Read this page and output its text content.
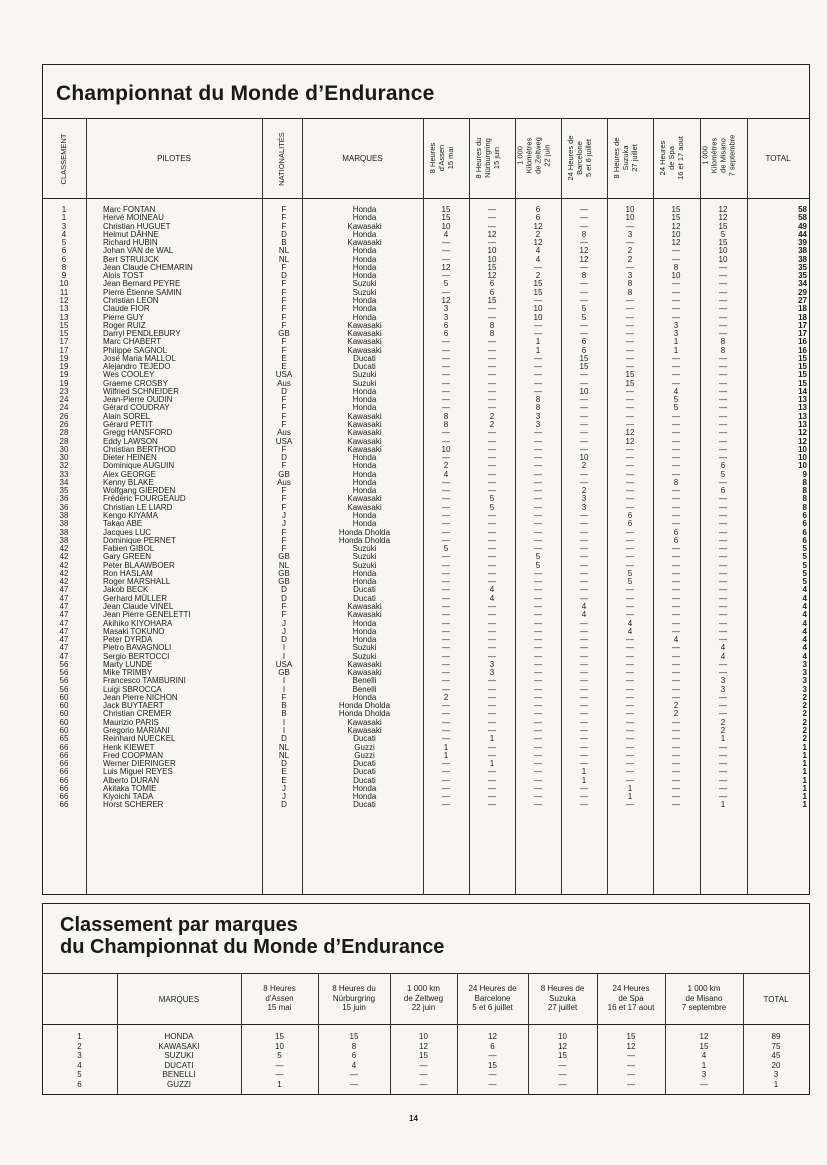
Championnat du Monde d’Endurance
CLASSEMENT	PILOTES	NATIONALITÉS	MARQUES
8 Heures
d'Assen
15 mai
8 Heures du
Nürburgring
15 juin
1 000
Kilomètres
de Zeltweg
22 juin
24 Heures de
Barcelone
5 et 6 juillet
8 Heures de
Suzuka
27 juillet
24 Heures
de Spa
16 et 17 aout
1 000
Kilomètres
de Misano
7 septembre	TOTAL
1	Marc FONTAN	F	Honda	15	—	6	—	10	15	12	58
1	Hervé MOINEAU	F	Honda	15	—	6	—	10	15	12	58
3	Christian HUGUET	F	Kawasaki	10	—	12	—	—	12	15	49
4	Helmut DÄHNE	D	Honda	4	12	2	8	3	10	5	44
5	Richard HUBIN	B	Kawasaki	—	—	12	—	—	12	15	39
6	Johan VAN de WAL	NL	Honda	—	10	4	12	2	—	10	38
6	Bert STRUIJCK	NL	Honda	—	10	4	12	2	—	10	38
8	Jean Claude CHEMARIN	F	Honda	12	15	—	—	—	8	—	35
9	Alois TOST	D	Honda	—	12	2	8	3	10	—	35
10	Jean Bernard PEYRE	F	Suzuki	5	6	15	—	8	—	—	34
11	Pierre Étienne SAMIN	F	Suzuki	—	6	15	—	8	—	—	29
12	Christian LEON	F	Honda	12	15	—	—	—	—	—	27
13	Claude FIOR	F	Honda	3	—	10	5	—	—	—	18
13	Pierre GUY	F	Honda	3	—	10	5	—	—	—	18
15	Roger RUIZ	F	Kawasaki	6	8	—	—	—	3	—	17
15	Darryl PENDLEBURY	GB	Kawasaki	6	8	—	—	—	3	—	17
17	Marc CHABERT	F	Kawasaki	—	—	1	6	—	1	8	16
17	Philippe SAGNOL	F	Kawasaki	—	—	1	6	—	1	8	16
19	José Maria MALLOL	E	Ducati	—	—	—	15	—	—	—	15
19	Alejandro TEJEDO	E	Ducati	—	—	—	15	—	—	—	15
19	Wes COOLEY	USA	Suzuki	—	—	—	—	15	—	—	15
19	Graeme CROSBY	Aus	Suzuki	—	—	—	—	15	—	—	15
23	Wilfried SCHNEIDER	D	Honda	—	—	—	10	—	4	—	14
24	Jean-Pierre OUDIN	F	Honda	—	—	8	—	—	5	—	13
24	Gérard COUDRAY	F	Honda	—	—	8	—	—	5	—	13
26	Alain SOREL	F	Kawasaki	8	2	3	—	—	—	—	13
26	Gérard PETIT	F	Kawasaki	8	2	3	—	—	—	—	13
28	Gregg HANSFORD	Aus	Kawasaki	—	—	—	—	12	—	—	12
28	Eddy LAWSON	USA	Kawasaki	—	—	—	—	12	—	—	12
30	Christian BERTHOD	F	Kawasaki	10	—	—	—	—	—	—	10
30	Dieter HEINEN	D	Honda	—	—	—	10	—	—	—	10
32	Dominique AUGUIN	F	Honda	2	—	—	2	—	—	6	10
33	Alex GEORGE	GB	Honda	4	—	—	—	—	—	5	9
34	Kenny BLAKE	Aus	Honda	—	—	—	—	—	8	—	8
35	Wolfgang GIERDEN	F	Honda	—	—	—	2	—	—	6	8
36	Frédéric FOURGEAUD	F	Kawasaki	—	5	—	3	—	—	—	8
36	Christian LE LIARD	F	Kawasaki	—	5	—	3	—	—	—	8
38	Kengo KIYAMA	J	Honda	—	—	—	—	6	—	—	6
38	Takao ABE	J	Honda	—	—	—	—	6	—	—	6
38	Jacques LUC	F	Honda Dholda	—	—	—	—	—	6	—	6
38	Dominique PERNET	F	Honda Dholda	—	—	—	—	—	6	—	6
42	Fabien GIBOL	F	Suzuki	5	—	—	—	—	—	—	5
42	Gary GREEN	GB	Suzuki	—	—	5	—	—	—	—	5
42	Peter BLAAWBOER	NL	Suzuki	—	—	5	—	—	—	—	5
42	Ron HASLAM	GB	Honda	—	—	—	—	5	—	—	5
42	Roger MARSHALL	GB	Honda	—	—	—	—	5	—	—	5
47	Jakob BECK	D	Ducati	—	4	—	—	—	—	—	4
47	Gerhard MÜLLER	D	Ducati	—	4	—	—	—	—	—	4
47	Jean Claude VINEL	F	Kawasaki	—	—	—	4	—	—	—	4
47	Jean Pierre GENELETTI	F	Kawasaki	—	—	—	4	—	—	—	4
47	Akihiko KIYOHARA	J	Honda	—	—	—	—	4	—	—	4
47	Masaki TOKUNO	J	Honda	—	—	—	—	4	—	—	4
47	Peter DYRDA	D	Honda	—	—	—	—	—	4	—	4
47	Pietro BAVAGNOLI	I	Suzuki	—	—	—	—	—	—	4	4
47	Sergio BERTOCCI	I	Suzuki	—	—	—	—	—	—	4	4
56	Marty LUNDE	USA	Kawasaki	—	3	—	—	—	—	—	3
56	Mike TRIMBY	GB	Kawasaki	—	3	—	—	—	—	—	3
56	Francesco TAMBURINI	I	Benelli	—	—	—	—	—	—	3	3
56	Luigi SBROCCA	I	Benelli	—	—	—	—	—	—	3	3
60	Jean Pierre NICHON	F	Honda	2	—	—	—	—	—	—	2
60	Jack BUYTAERT	B	Honda Dholda	—	—	—	—	—	2	—	2
60	Christian CREMER	B	Honda Dholda	—	—	—	—	—	2	—	2
60	Maurizio PARIS	I	Kawasaki	—	—	—	—	—	—	2	2
60	Gregorio MARIANI	I	Kawasaki	—	—	—	—	—	—	2	2
65	Reinhard NUECKEL	D	Ducati	—	1	—	—	—	—	1	2
66	Henk KIEWET	NL	Guzzi	1	—	—	—	—	—	—	1
66	Fred COOPMAN	NL	Guzzi	1	—	—	—	—	—	—	1
66	Werner DIERINGER	D	Ducati	—	1	—	—	—	—	—	1
66	Luis Miguel REYES	E	Ducati	—	—	—	1	—	—	—	1
66	Alberto DURAN	E	Ducati	—	—	—	1	—	—	—	1
66	Akitaka TOMIE	J	Honda	—	—	—	—	1	—	—	1
66	Kiyoichi TADA	J	Honda	—	—	—	—	1	—	—	1
66	Horst SCHERER	D	Ducati	—	—	—	—	—	—	1	1
Classement par marques
du Championnat du Monde d’Endurance
MARQUES
8 Heures
d'Assen
15 mai
8 Heures du
Nürburgring
15 juin
1 000 km
de Zeltweg
22 juin
24 Heures de
Barcelone
5 et 6 juillet
8 Heures de
Suzuka
27 juillet
24 Heures
de Spa
16 et 17 aout
1 000 km
de Misano
7 septembre
TOTAL
1	HONDA	15	15	10	12	10	15	12	89
2	KAWASAKI	10	8	12	6	12	12	15	75
3	SUZUKI	5	6	15	—	15	—	4	45
4	DUCATI	—	4	—	15	—	—	1	20
5	BENELLI	—	—	—	—	—	—	3	3
6	GUZZI	1	—	—	—	—	—	—	1
14
